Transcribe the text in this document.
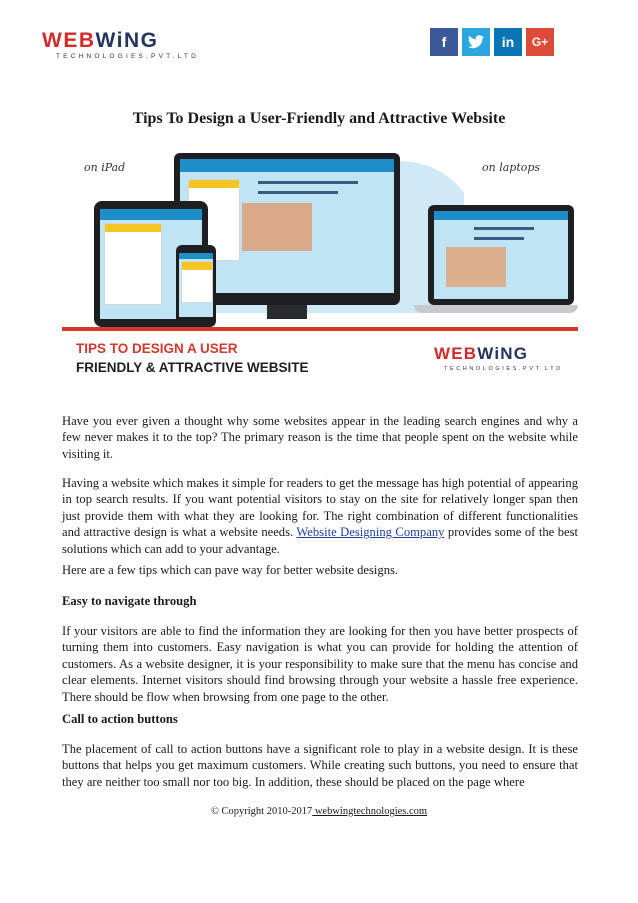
WEBWiNG
TECHNOLOGIES.PVT.LTD
f	in	G+
Tips To Design a User-Friendly and Attractive Website
on iPad	on laptops
TIPS TO DESIGN A USER
FRIENDLY & ATTRACTIVE WEBSITE
WEBWiNG
TECHNOLOGIES.PVT.LTD

Have you ever given a thought why some websites appear in the leading search engines and why a few never makes it to the top? The primary reason is the time that people spent on the website while visiting it.

Having a website which makes it simple for readers to get the message has high potential of appearing in top search results. If you want potential visitors to stay on the site for relatively longer span then just provide them with what they are looking for. The right combination of different functionalities and attractive design is what a website needs. Website Designing Company provides some of the best solutions which can add to your advantage.

Here are a few tips which can pave way for better website designs.

Easy to navigate through

If your visitors are able to find the information they are looking for then you have better prospects of turning them into customers. Easy navigation is what you can provide for holding the attention of customers. As a website designer, it is your responsibility to make sure that the menu has concise and clear elements. Internet visitors should find browsing through your website a hassle free experience. There should be flow when browsing from one page to the other.

Call to action buttons

The placement of call to action buttons have a significant role to play in a website design. It is these buttons that helps you get maximum customers. While creating such buttons, you need to ensure that they are neither too small nor too big. In addition, these should be placed on the page where

© Copyright 2010-2017 webwingtechnologies.com
